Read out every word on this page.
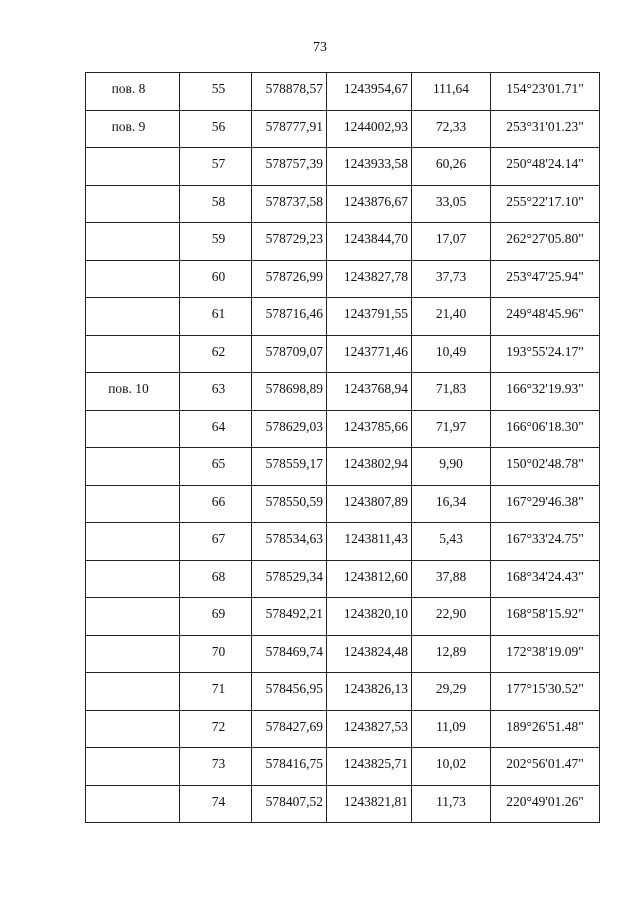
73
пов. 8	55	578878,57	1243954,67	111,64	154°23'01.71"

пов. 9	56	578777,91	1244002,93	72,33	253°31'01.23"

	57	578757,39	1243933,58	60,26	250°48'24.14"

	58	578737,58	1243876,67	33,05	255°22'17.10"

	59	578729,23	1243844,70	17,07	262°27'05.80"

	60	578726,99	1243827,78	37,73	253°47'25.94"

	61	578716,46	1243791,55	21,40	249°48'45.96"

	62	578709,07	1243771,46	10,49	193°55'24.17"

пов. 10	63	578698,89	1243768,94	71,83	166°32'19.93"

	64	578629,03	1243785,66	71,97	166°06'18.30"

	65	578559,17	1243802,94	9,90	150°02'48.78"

	66	578550,59	1243807,89	16,34	167°29'46.38"

	67	578534,63	1243811,43	5,43	167°33'24.75"

	68	578529,34	1243812,60	37,88	168°34'24.43"

	69	578492,21	1243820,10	22,90	168°58'15.92"

	70	578469,74	1243824,48	12,89	172°38'19.09"

	71	578456,95	1243826,13	29,29	177°15'30.52"

	72	578427,69	1243827,53	11,09	189°26'51.48"

	73	578416,75	1243825,71	10,02	202°56'01.47"

	74	578407,52	1243821,81	11,73	220°49'01.26"
